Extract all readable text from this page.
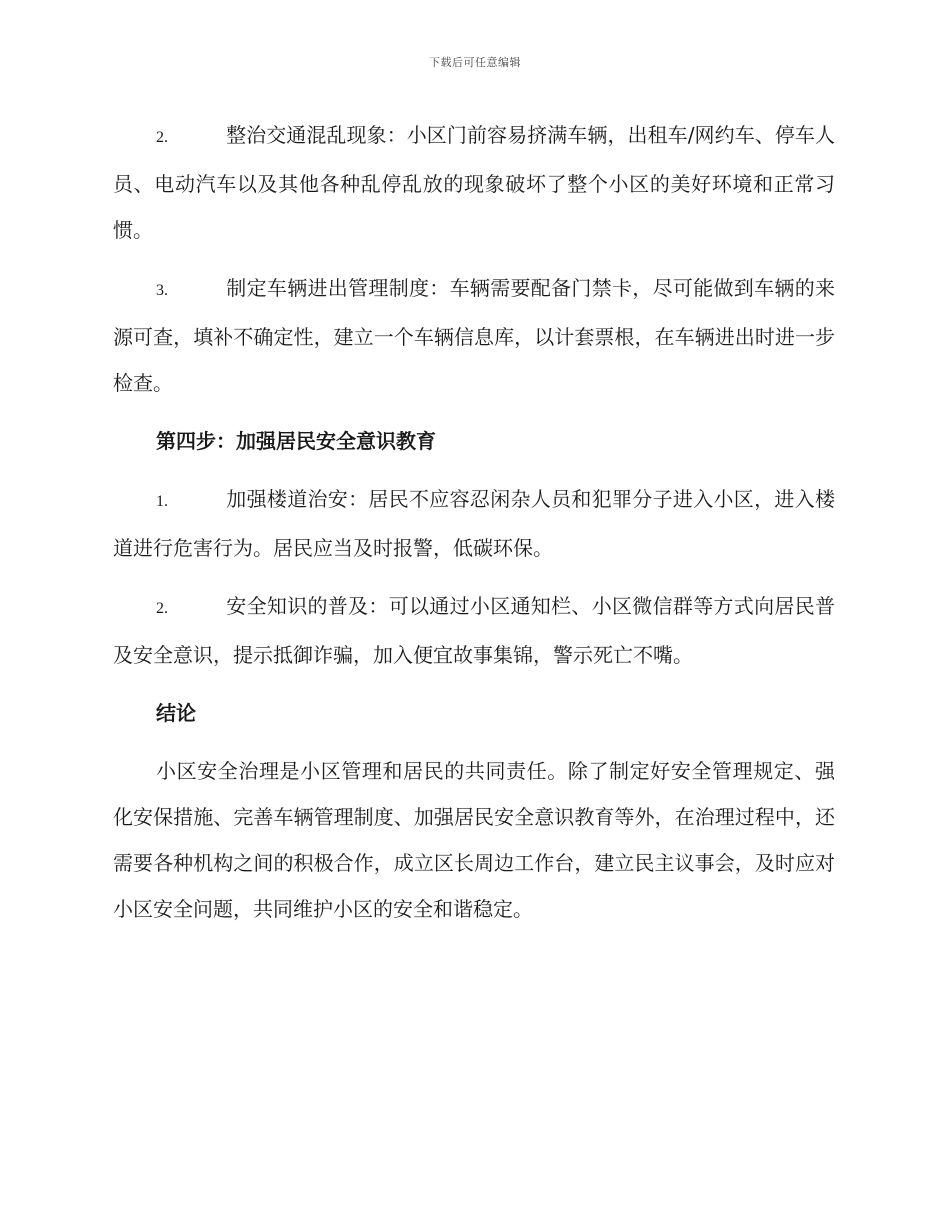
下载后可任意编辑

2.	整治交通混乱现象：小区门前容易挤满车辆，出租车/网约车、停车人员、电动汽车以及其他各种乱停乱放的现象破坏了整个小区的美好环境和正常习惯。

3.	制定车辆进出管理制度：车辆需要配备门禁卡，尽可能做到车辆的来源可查，填补不确定性，建立一个车辆信息库，以计套票根，在车辆进出时进一步检查。

第四步：加强居民安全意识教育

1.	加强楼道治安：居民不应容忍闲杂人员和犯罪分子进入小区，进入楼道进行危害行为。居民应当及时报警，低碳环保。

2.	安全知识的普及：可以通过小区通知栏、小区微信群等方式向居民普及安全意识，提示抵御诈骗，加入便宜故事集锦，警示死亡不嘴。

结论

小区安全治理是小区管理和居民的共同责任。除了制定好安全管理规定、强化安保措施、完善车辆管理制度、加强居民安全意识教育等外，在治理过程中，还需要各种机构之间的积极合作，成立区长周边工作台，建立民主议事会，及时应对小区安全问题，共同维护小区的安全和谐稳定。
